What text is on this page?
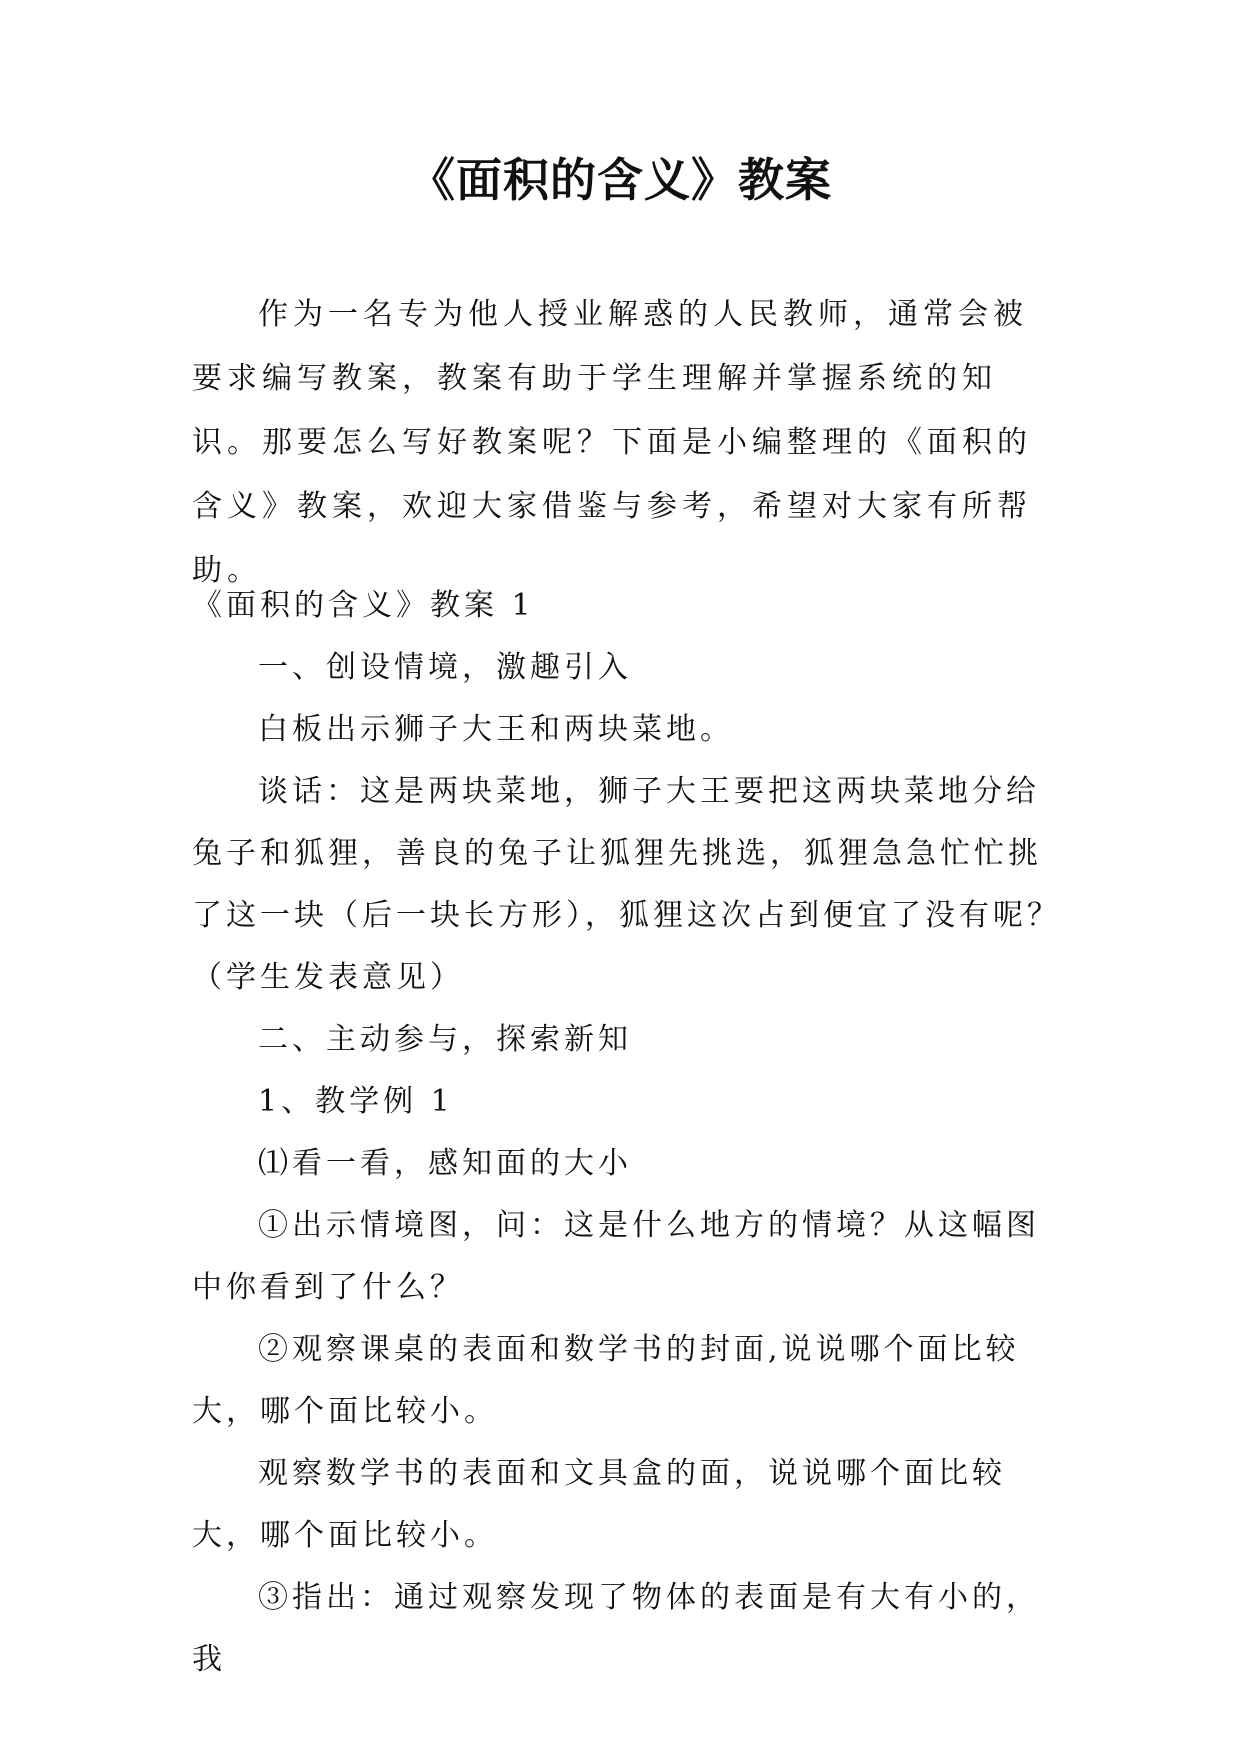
《面积的含义》教案

作为一名专为他人授业解惑的人民教师，通常会被要求编写教案，教案有助于学生理解并掌握系统的知识。那要怎么写好教案呢？下面是小编整理的《面积的含义》教案，欢迎大家借鉴与参考，希望对大家有所帮助。

《面积的含义》教案 1

一、创设情境，激趣引入

白板出示狮子大王和两块菜地。

谈话：这是两块菜地，狮子大王要把这两块菜地分给兔子和狐狸，善良的兔子让狐狸先挑选，狐狸急急忙忙挑了这一块（后一块长方形），狐狸这次占到便宜了没有呢？（学生发表意见）

二、主动参与，探索新知

1、教学例 1

⑴看一看，感知面的大小

①出示情境图，问：这是什么地方的情境？从这幅图中你看到了什么？

②观察课桌的表面和数学书的封面,说说哪个面比较大，哪个面比较小。

观察数学书的表面和文具盒的面，说说哪个面比较大，哪个面比较小。

③指出：通过观察发现了物体的表面是有大有小的，我
